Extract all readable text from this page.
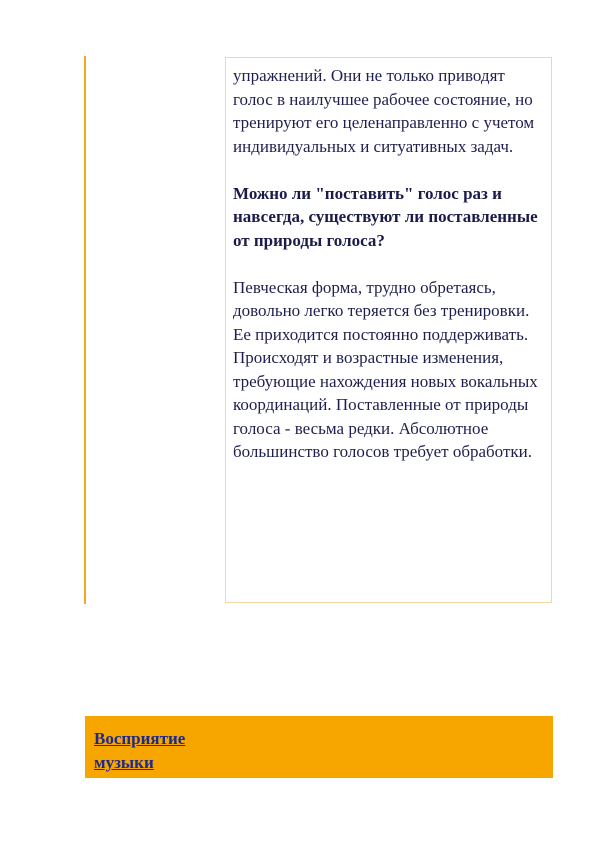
упражнений. Они не только приводят голос в наилучшее рабочее состояние, но тренируют его целенаправленно с учетом индивидуальных и ситуативных задач.

Можно ли "поставить" голос раз и навсегда, существуют ли поставленные от природы голоса?

Певческая форма, трудно обретаясь, довольно легко теряется без тренировки. Ее приходится постоянно поддерживать. Происходят и возрастные изменения, требующие нахождения новых вокальных координаций. Поставленные от природы голоса - весьма редки. Абсолютное большинство голосов требует обработки.

Восприятие музыки
